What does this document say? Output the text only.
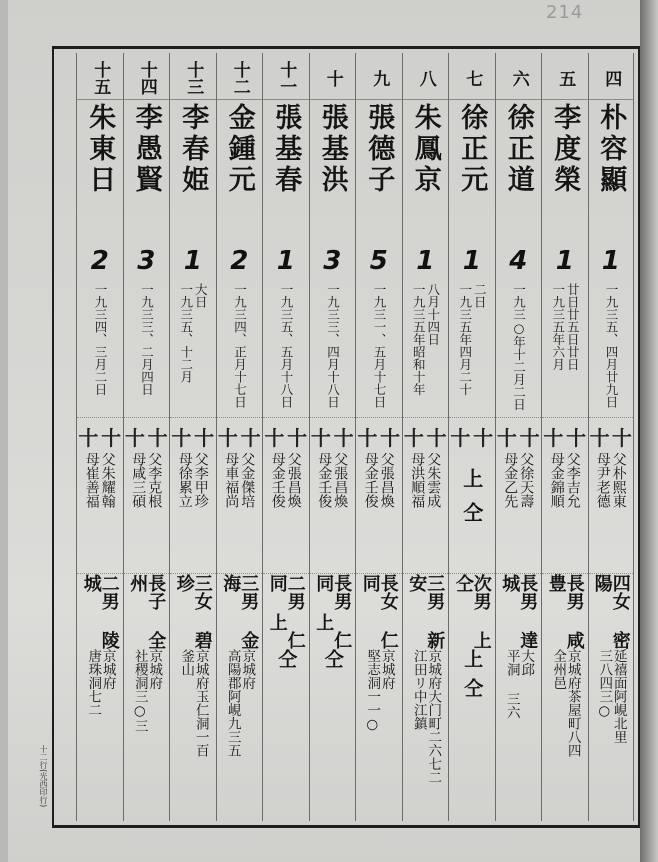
214
十二行(光西印行)
四
朴容顯
1
一九三五、四月廿九日
十 十
父朴熙東
母尹老德
四女 密陽
延禧面阿峴北里
三八四三○
五
李度榮
1
一九三五年六月 廿日廿五日廿日
十 十
父李吉允
母金錦順
長男 咸豊
京城府茶屋町八四
全州邑
六
徐正道
4
一九三○年十二月二日
十 十
父徐天壽
母金乙先
長男 達城
大邱
平洞 三六
七
徐正元
1
一九三五年四月二十 二日
十 十
上仝
次男 上仝
上仝
八
朱鳳京
1
一九三五年昭和十年 八月十四日
十 十
父朱雲成
母洪順福
三男 新安
京城府大门町二六七二
江田リ中江鎮
九
張德子
5
一九三一、五月十七日
十 十
父張昌煥
母金壬俊
長女 仁同
京城府
堅志洞一一○
十
張基洪
3
一九三三、四月十八日
十 十
父張昌煥
母金壬俊
長男 仁同 上
仝
十一
張基春
1
一九三五、五月十八日
十 十
父張昌煥
母金壬俊
二男 仁同 上
仝
十二
金鍾元
2
一九三四、正月十七日
十 十
父金傑培
母車福尚
三男 金海
京城府
高陽郡阿峴九三五
十三
李春姫
1
一九三五、十二月 大日
十 十
父李甲珍
母徐累立
三女 碧珍
京城府玉仁洞一百
釜山
十四
李愚賢
3
一九三三、二月四日
十 十
父李克根
母咸三碩
長子 全州
京城府
社稷洞三○三
十五
朱東日
2
一九三四、三月二日
十 十
父朱耀翰
母崔善福
二男 陵城
京城府
唐珠洞七二
